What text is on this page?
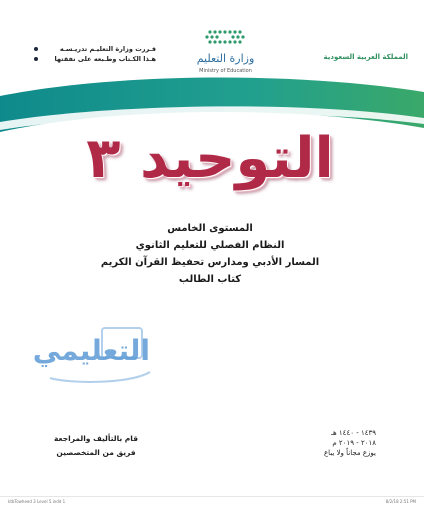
المملكة العربية السعودية
وزارة التعليم
Ministry of Education
قـررت وزارة التعليـم تدريـسـه
هـذا الكـتاب وطـبعه على نفقتها
التوحيد ٣
المستوى الخامس
النظام الفصلي للتعليم الثانوي
المسار الأدبي ومدارس تحفيظ القرآن الكريم
كتاب الطالب
التعليمي
قام بالتأليف والمراجعة
فريق من المتخصصين
١٤٣٩ - ١٤٤٠ هـ
٢٠١٨ - ٢٠١٩ م
يوزع مجاناً ولا يباع
ktbTowheed 3 Level 5.indd 1	8/2/18 2:51 PM
